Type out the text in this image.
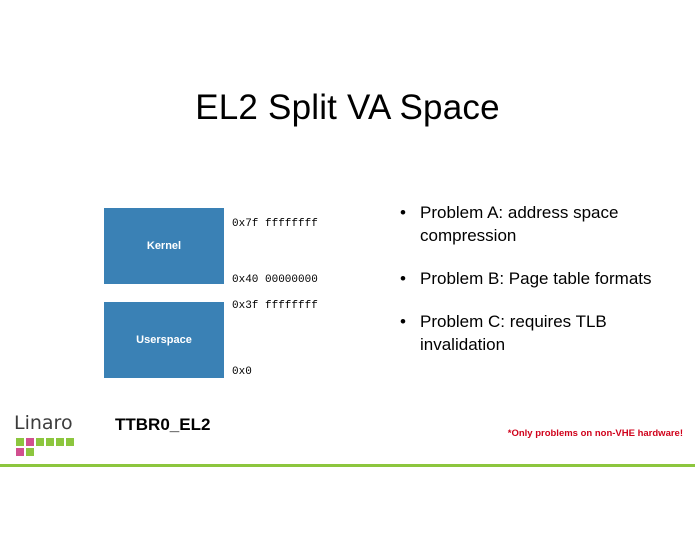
EL2 Split VA Space
Kernel
Userspace
0x7f ffffffff
0x40 00000000
0x3f ffffffff
0x0
TTBR0_EL2
• Problem A: address space compression
• Problem B: Page table formats
• Problem C: requires TLB invalidation
*Only problems on non-VHE hardware!
Linaro
